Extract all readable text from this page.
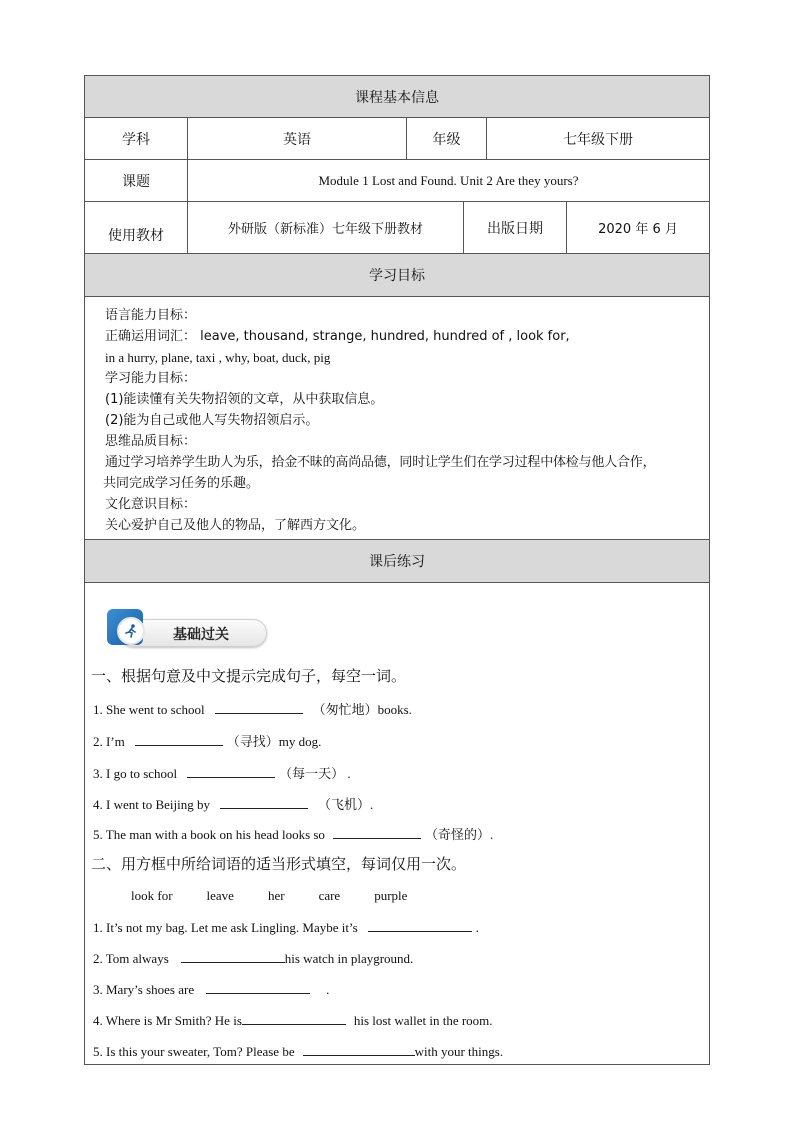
课程基本信息
学科	英语	年级	七年级下册
课题	Module 1 Lost and Found. Unit 2 Are they yours?
使用教材	外研版（新标准）七年级下册教材	出版日期	2020 年 6 月
学习目标
语言能力目标：
正确运用词汇： leave, thousand, strange, hundred, hundred of , look for,
in a hurry, plane, taxi , why, boat, duck, pig
学习能力目标：
(1)能读懂有关失物招领的文章，从中获取信息。
(2)能为自己或他人写失物招领启示。
思维品质目标：
通过学习培养学生助人为乐，拾金不昧的高尚品德，同时让学生们在学习过程中体检与他人合作，
共同完成学习任务的乐趣。
文化意识目标：
关心爱护自己及他人的物品，了解西方文化。
课后练习
基础过关
一、根据句意及中文提示完成句子，每空一词。
1. She went to school	（匆忙地）books.
2. I’m	（寻找）my dog.
3. I go to school	（每一天） .
4. I went to Beijing by	（飞机）.
5. The man with a book on his head looks so	（奇怪的）.
二、用方框中所给词语的适当形式填空，每词仅用一次。
look for	leave	her	care	purple
1. It’s not my bag. Let me ask Lingling. Maybe it’s	.
2. Tom always	his watch in playground.
3. Mary’s shoes are	.
4. Where is Mr Smith? He is	his lost wallet in the room.
5. Is this your sweater, Tom? Please be	with your things.
